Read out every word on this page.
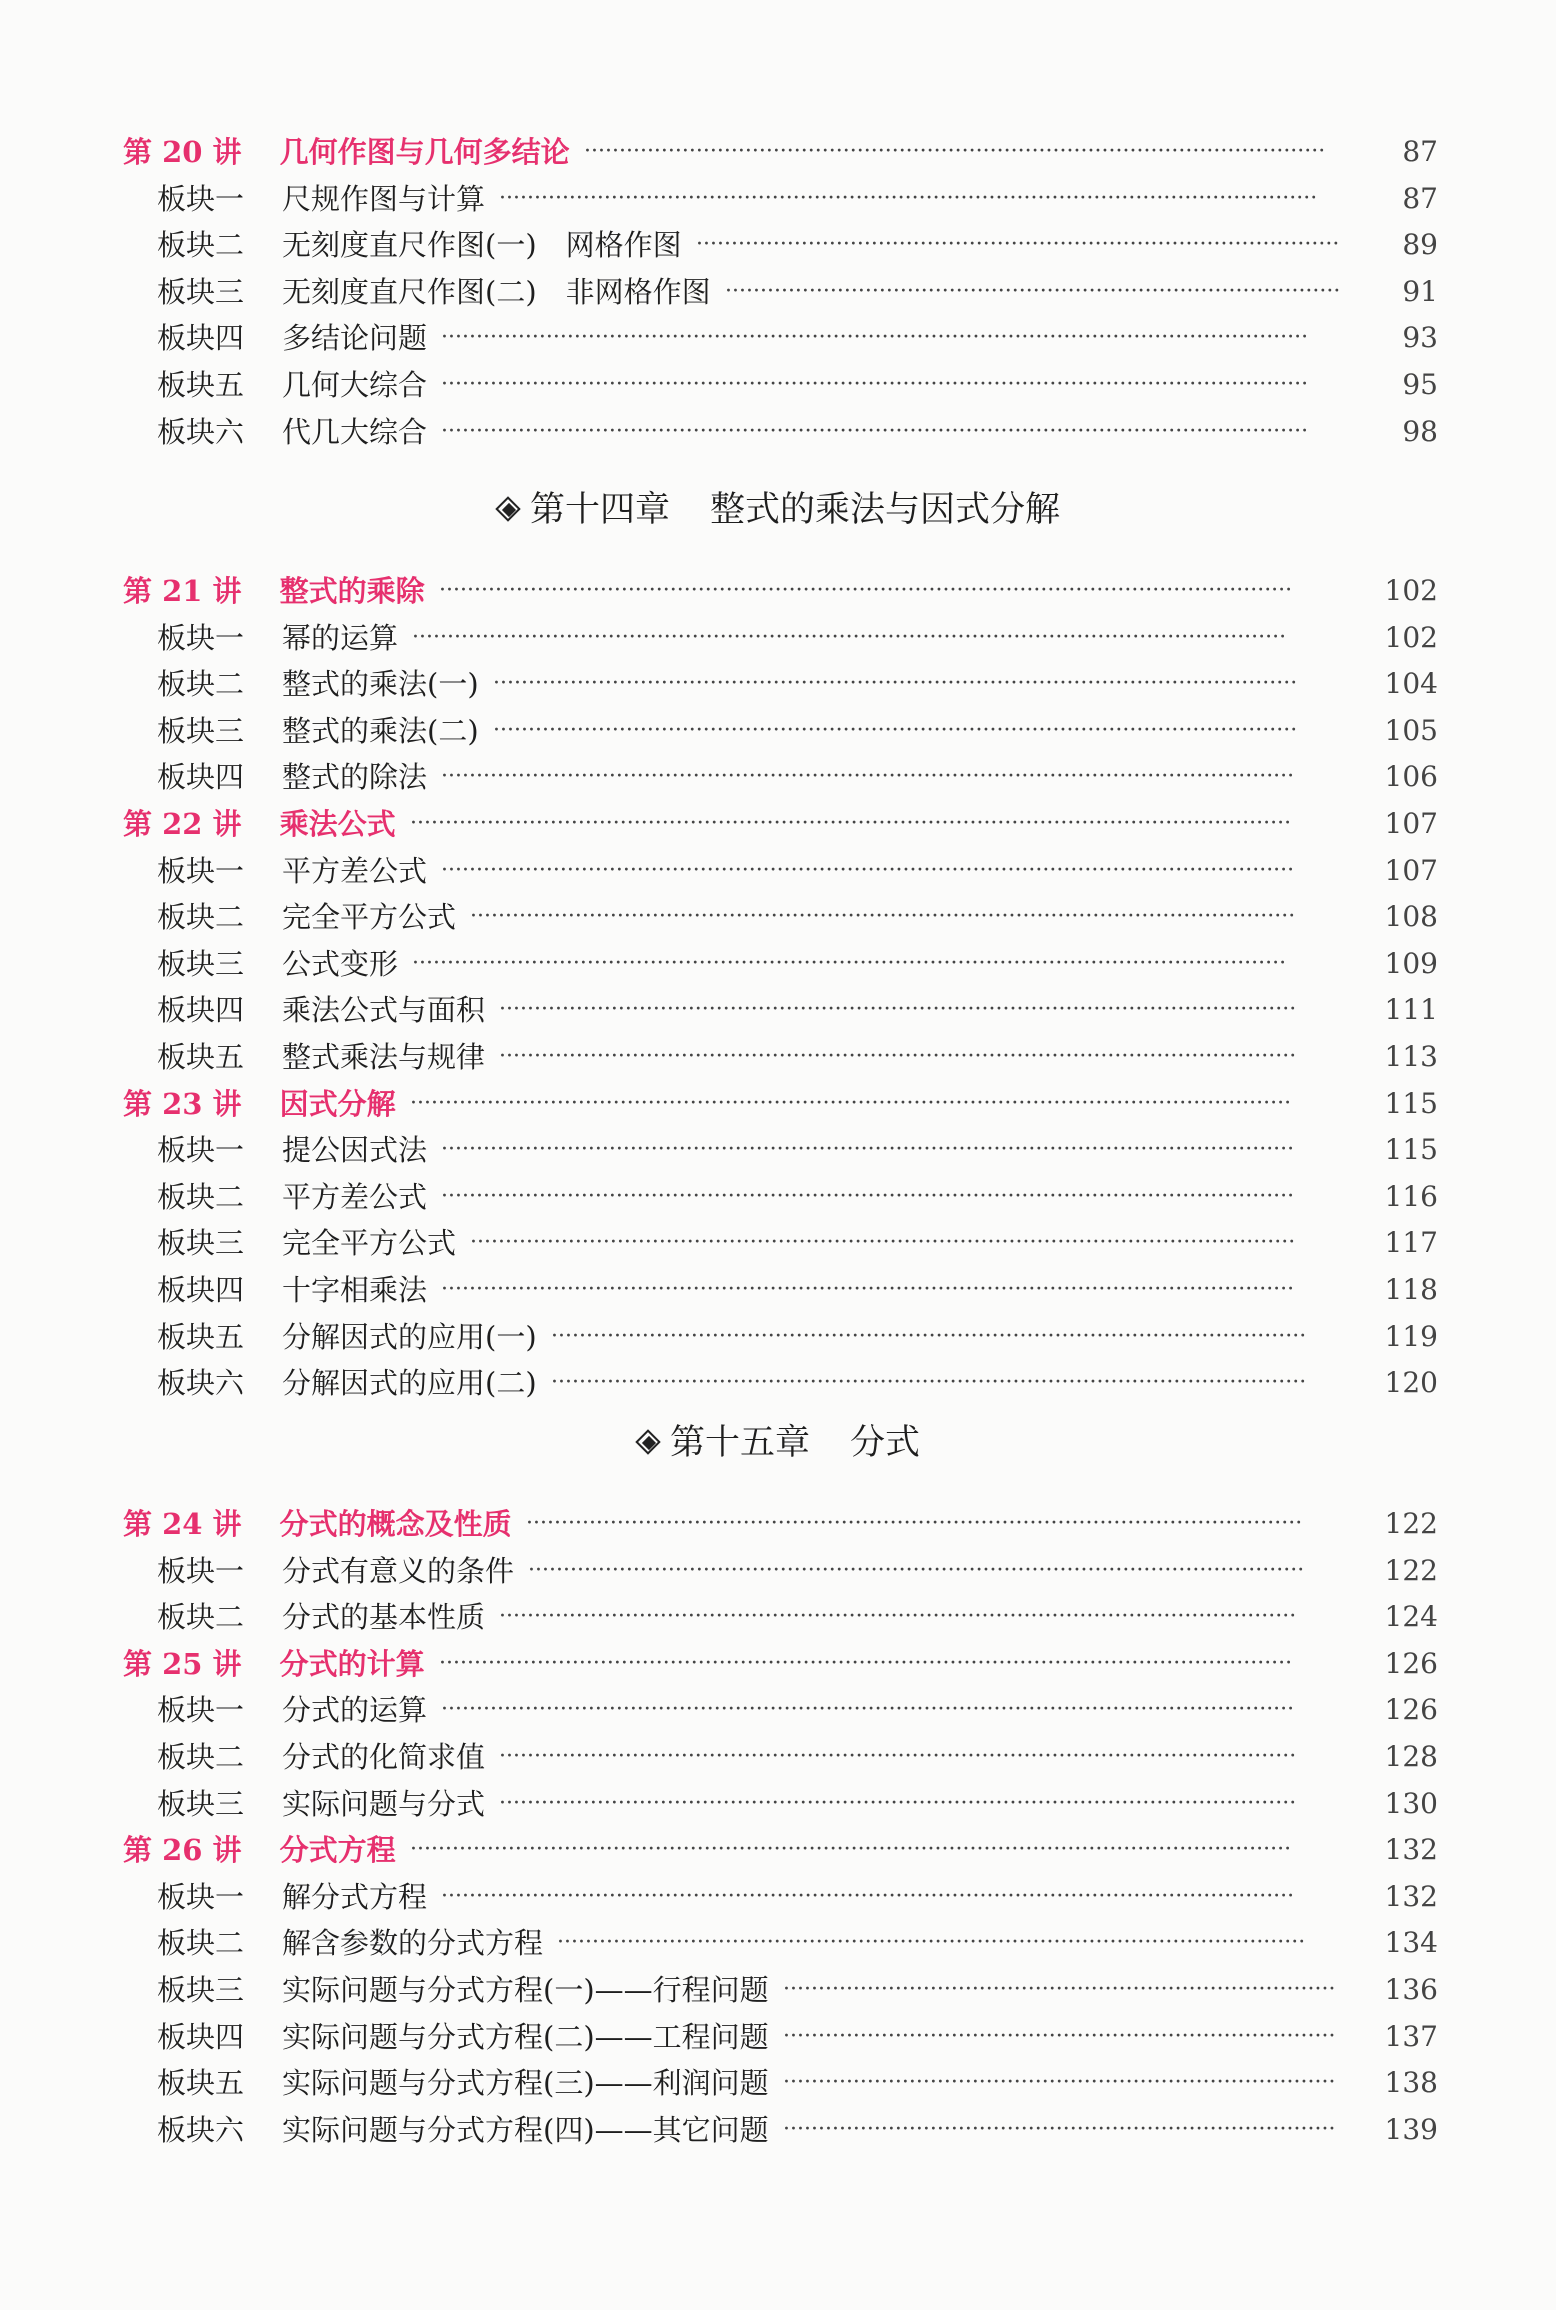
第 20 讲 几何作图与几何多结论 ··········································································································	87
板块一 尺规作图与计算 ·····················································································································	87
板块二 无刻度直尺作图(一)　网格作图 ····························································································	89
板块三 无刻度直尺作图(二)　非网格作图 ························································································	91
板块四 多结论问题 ····························································································································	93
板块五 几何大综合 ····························································································································	95
板块六 代几大综合 ····························································································································	98
第十四章 整式的乘法与因式分解
第 21 讲 整式的乘除 ··························································································································	102
板块一 幂的运算 ·····························································································································	102
板块二 整式的乘法(一) ···················································································································	104
板块三 整式的乘法(二) ···················································································································	105
板块四 整式的除法 ··························································································································	106
第 22 讲 乘法公式 ······························································································································	107
板块一 平方差公式 ··························································································································	107
板块二 完全平方公式 ······················································································································	108
板块三 公式变形 ·····························································································································	109
板块四 乘法公式与面积 ··················································································································	111
板块五 整式乘法与规律 ··················································································································	113
第 23 讲 因式分解 ······························································································································	115
板块一 提公因式法 ··························································································································	115
板块二 平方差公式 ··························································································································	116
板块三 完全平方公式 ······················································································································	117
板块四 十字相乘法 ··························································································································	118
板块五 分解因式的应用(一) ············································································································	119
板块六 分解因式的应用(二) ············································································································	120
第十五章 分式
第 24 讲 分式的概念及性质 ···············································································································	122
板块一 分式有意义的条件 ···············································································································	122
板块二 分式的基本性质 ··················································································································	124
第 25 讲 分式的计算 ··························································································································	126
板块一 分式的运算 ··························································································································	126
板块二 分式的化简求值 ··················································································································	128
板块三 实际问题与分式 ··················································································································	130
第 26 讲 分式方程 ······························································································································	132
板块一 解分式方程 ··························································································································	132
板块二 解含参数的分式方程 ···········································································································	134
板块三 实际问题与分式方程(一)——行程问题 ···············································································	136
板块四 实际问题与分式方程(二)——工程问题 ···············································································	137
板块五 实际问题与分式方程(三)——利润问题 ···············································································	138
板块六 实际问题与分式方程(四)——其它问题 ···············································································	139
